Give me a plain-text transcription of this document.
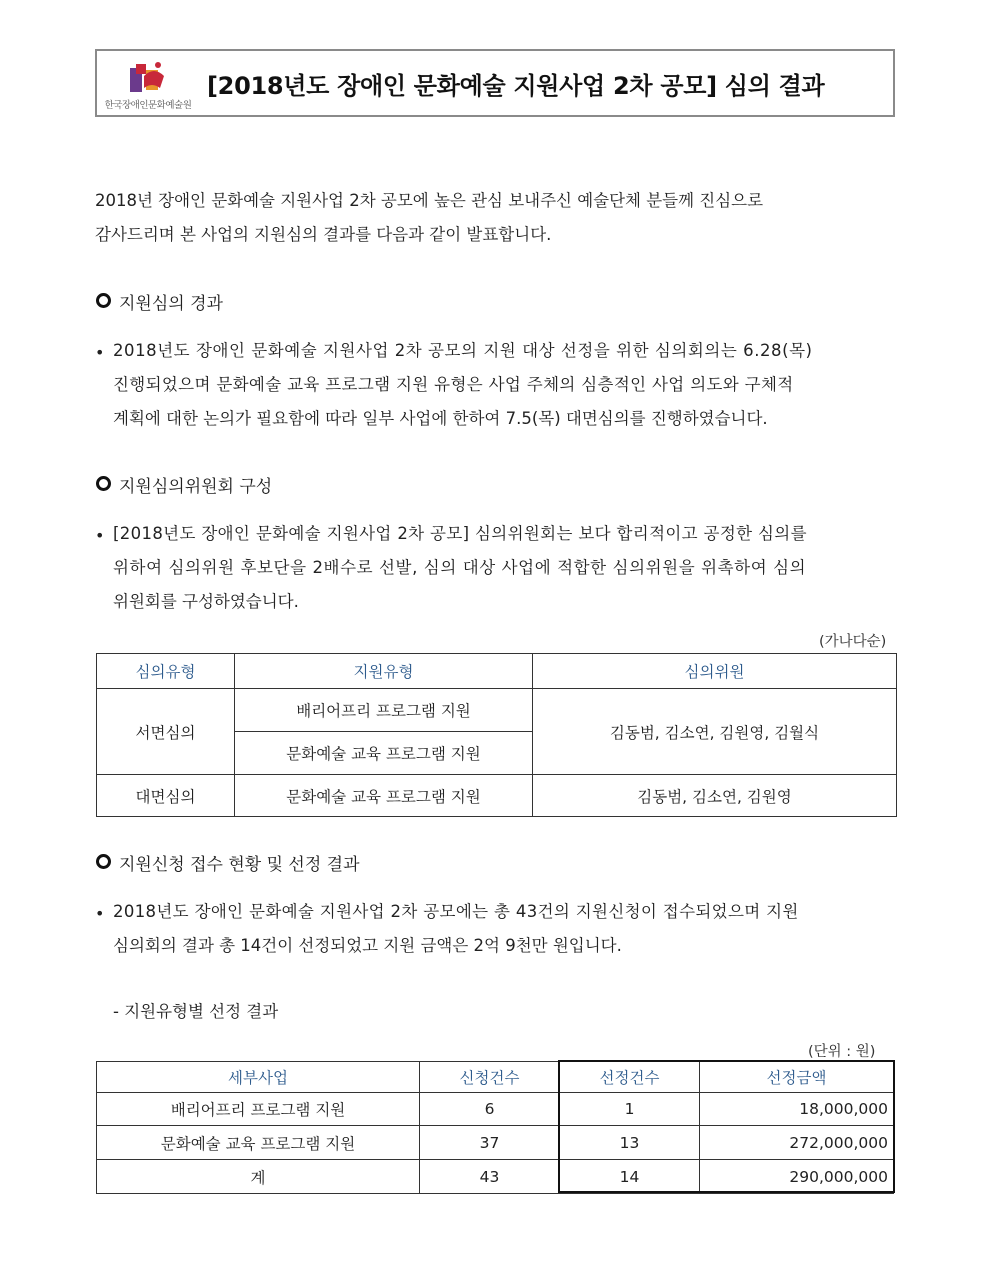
한국장애인문화예술원
[2018년도 장애인 문화예술 지원사업 2차 공모] 심의 결과
2018년 장애인 문화예술 지원사업 2차 공모에 높은 관심 보내주신 예술단체 분들께 진심으로
감사드리며 본 사업의 지원심의 결과를 다음과 같이 발표합니다.
지원심의 경과
• 2018년도 장애인 문화예술 지원사업 2차 공모의 지원 대상 선정을 위한 심의회의는 6.28(목)
진행되었으며 문화예술 교육 프로그램 지원 유형은 사업 주체의 심층적인 사업 의도와 구체적
계획에 대한 논의가 필요함에 따라 일부 사업에 한하여 7.5(목) 대면심의를 진행하였습니다.
지원심의위원회 구성
• [2018년도 장애인 문화예술 지원사업 2차 공모] 심의위원회는 보다 합리적이고 공정한 심의를
위하여 심의위원 후보단을 2배수로 선발, 심의 대상 사업에 적합한 심의위원을 위촉하여 심의
위원회를 구성하였습니다.
(가나다순)
심의유형	지원유형	심의위원
서면심의	배리어프리 프로그램 지원	김동범, 김소연, 김원영, 김월식
	문화예술 교육 프로그램 지원	
대면심의	문화예술 교육 프로그램 지원	김동범, 김소연, 김원영
지원신청 접수 현황 및 선정 결과
• 2018년도 장애인 문화예술 지원사업 2차 공모에는 총 43건의 지원신청이 접수되었으며 지원
심의회의 결과 총 14건이 선정되었고 지원 금액은 2억 9천만 원입니다.
- 지원유형별 선정 결과
(단위 : 원)
세부사업	신청건수	선정건수	선정금액
배리어프리 프로그램 지원	6	1	18,000,000
문화예술 교육 프로그램 지원	37	13	272,000,000
계	43	14	290,000,000
